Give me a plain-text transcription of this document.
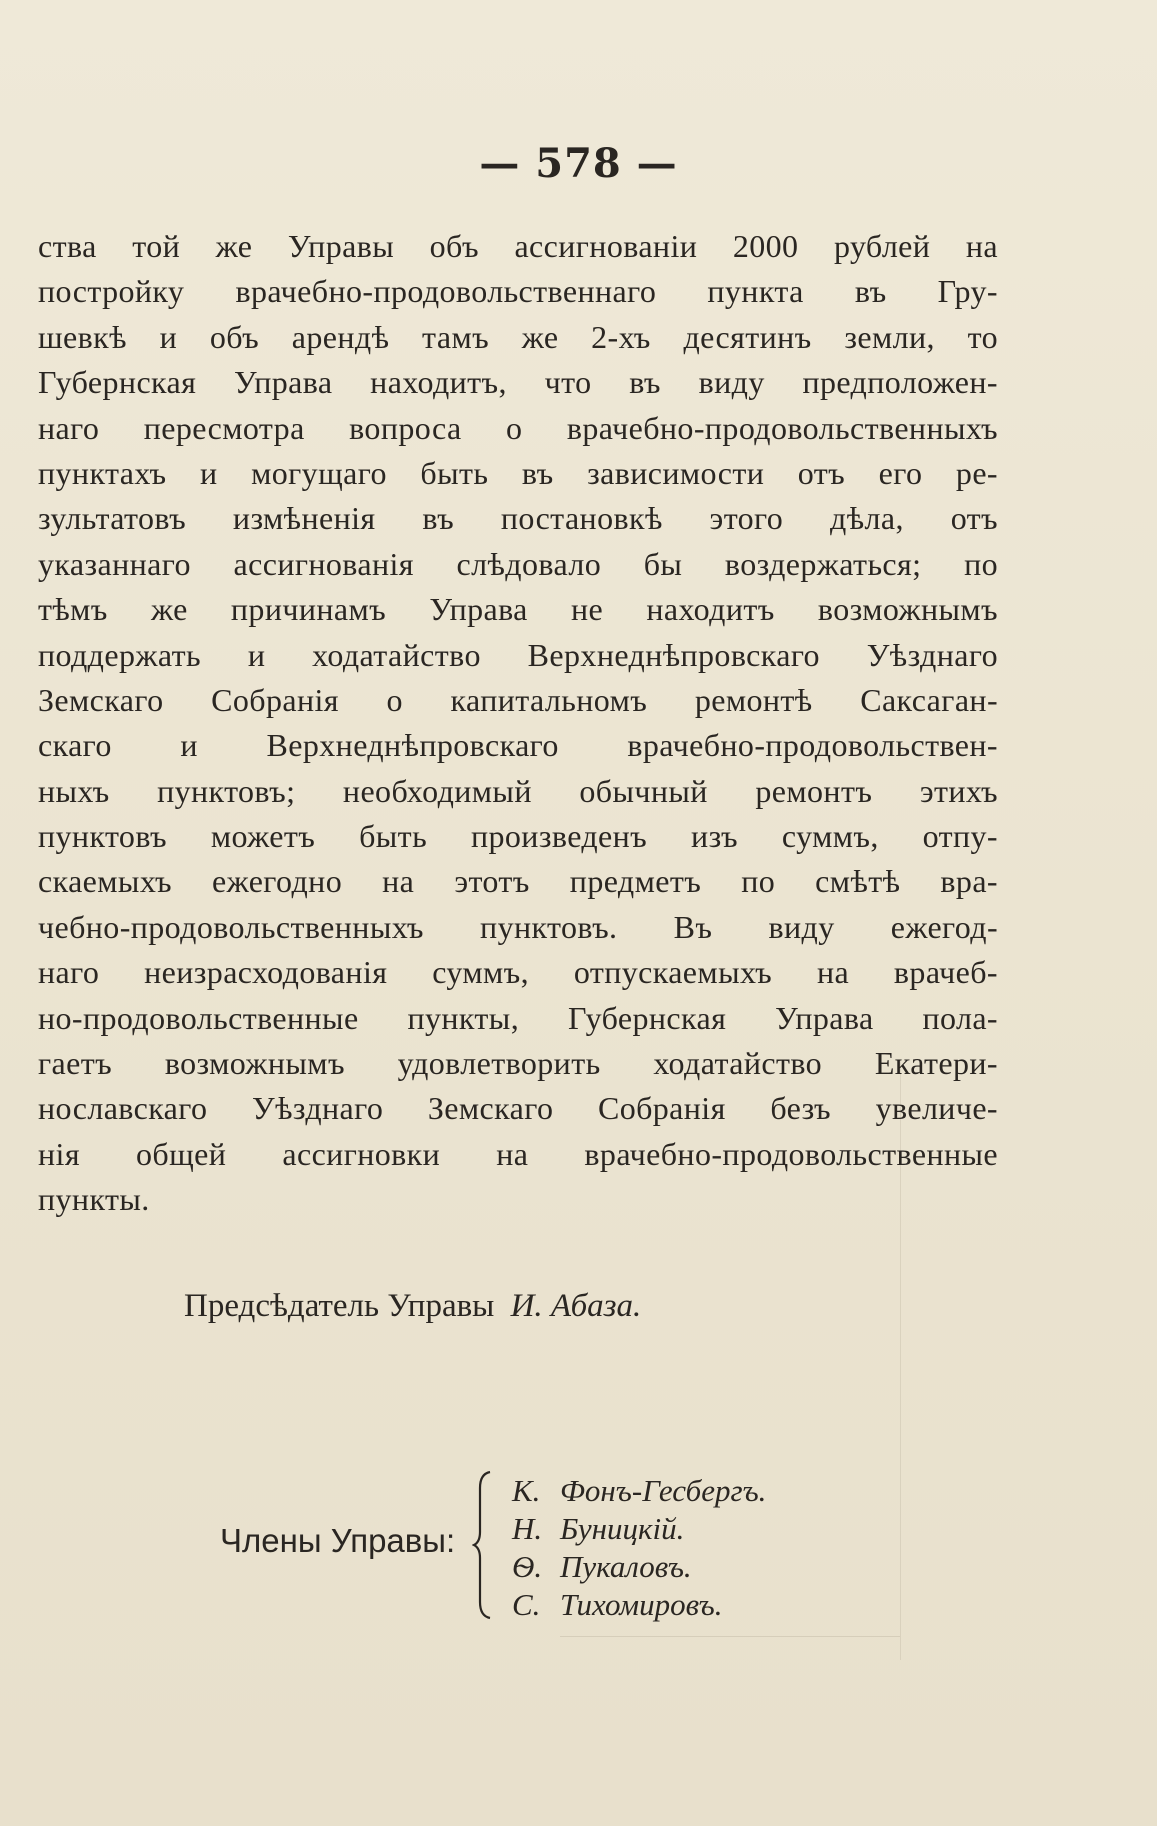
— 578 —
ства той же Управы объ ассигнованiи 2000 рублей на
постройку врачебно-продовольственнаго пункта въ Гру-
шевкѣ и объ арендѣ тамъ же 2-хъ десятинъ земли, то
Губернская Управа находитъ, что въ виду предположен-
наго пересмотра вопроса о врачебно-продовольственныхъ
пунктахъ и могущаго быть въ зависимости отъ его ре-
зультатовъ измѣненiя въ постановкѣ этого дѣла, отъ
указаннаго ассигнованiя слѣдовало бы воздержаться; по
тѣмъ же причинамъ Управа не находитъ возможнымъ
поддержать и ходатайство Верхнеднѣпровскаго Уѣзднаго
Земскаго Собранiя о капитальномъ ремонтѣ Саксаган-
скаго и Верхнеднѣпровскаго врачебно-продовольствен-
ныхъ пунктовъ; необходимый обычный ремонтъ этихъ
пунктовъ можетъ быть произведенъ изъ суммъ, отпу-
скаемыхъ ежегодно на этотъ предметъ по смѣтѣ вра-
чебно-продовольственныхъ пунктовъ. Въ виду ежегод-
наго неизрасходованiя суммъ, отпускаемыхъ на врачеб-
но-продовольственные пункты, Губернская Управа пола-
гаетъ возможнымъ удовлетворить ходатайство Екатери-
нославскаго Уѣзднаго Земскаго Собранiя безъ увеличе-
нiя общей ассигновки на врачебно-продовольственные
пункты.
Предсѣдатель Управы И. Абаза.
Члены Управы:
К. Фонъ-Гесбергъ.
Н. Буницкiй.
Ѳ. Пукаловъ.
С. Тихомировъ.
